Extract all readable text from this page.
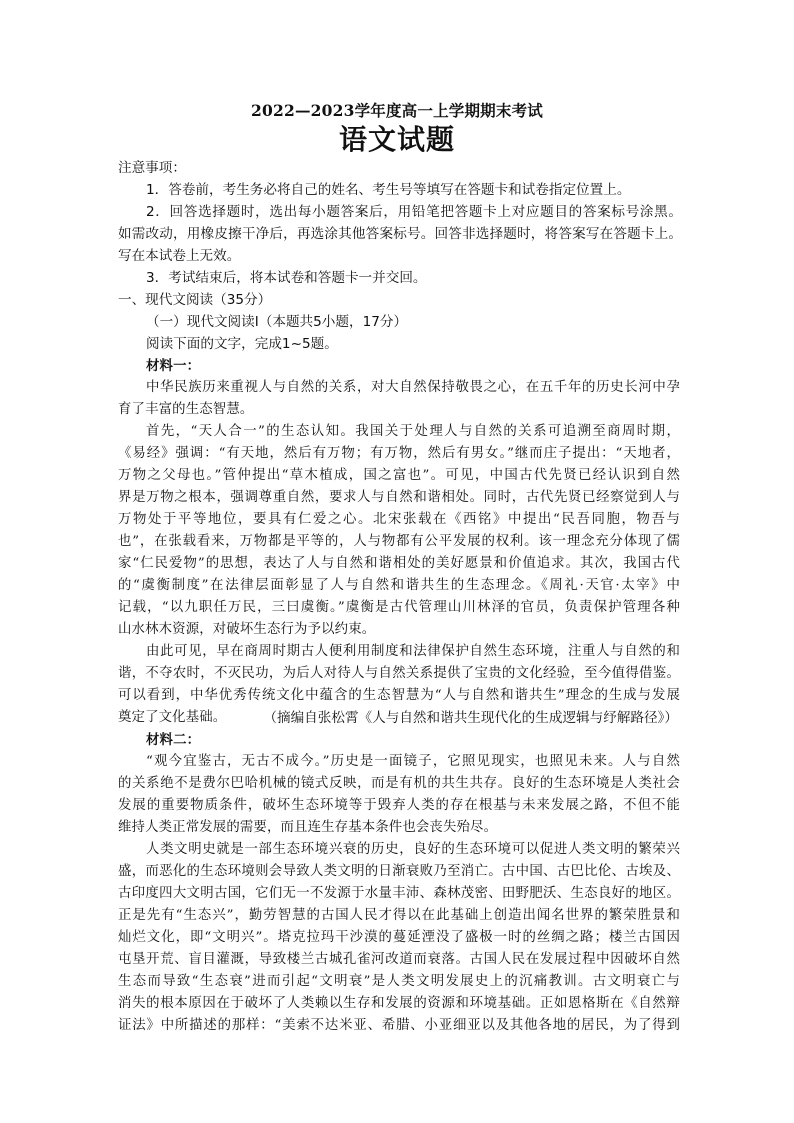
2022—2023学年度高一上学期期末考试
语文试题
注意事项：
1．答卷前，考生务必将自己的姓名、考生号等填写在答题卡和试卷指定位置上。
2．回答选择题时，选出每小题答案后，用铅笔把答题卡上对应题目的答案标号涂黑。
如需改动，用橡皮擦干净后，再选涂其他答案标号。回答非选择题时，将答案写在答题卡上。
写在本试卷上无效。
3．考试结束后，将本试卷和答题卡一并交回。
一、现代文阅读（35分）
（一）现代文阅读Ⅰ（本题共5小题，17分）
阅读下面的文字，完成1~5题。
材料一：
中华民族历来重视人与自然的关系，对大自然保持敬畏之心，在五千年的历史长河中孕
育了丰富的生态智慧。
首先，“天人合一”的生态认知。我国关于处理人与自然的关系可追溯至商周时期，
《易经》强调：“有天地，然后有万物；有万物，然后有男女。”继而庄子提出：“天地者，
万物之父母也。”管仲提出“草木植成，国之富也”。可见，中国古代先贤已经认识到自然
界是万物之根本，强调尊重自然，要求人与自然和谐相处。同时，古代先贤已经察觉到人与
万物处于平等地位，要具有仁爱之心。北宋张载在《西铭》中提出“民吾同胞，物吾与
也”，在张载看来，万物都是平等的，人与物都有公平发展的权利。该一理念充分体现了儒
家“仁民爱物”的思想，表达了人与自然和谐相处的美好愿景和价值追求。其次，我国古代
的“虞衡制度”在法律层面彰显了人与自然和谐共生的生态理念。《周礼·天官·太宰》中
记载，“以九职任万民，三曰虞衡。”虞衡是古代管理山川林泽的官员，负责保护管理各种
山水林木资源，对破坏生态行为予以约束。
由此可见，早在商周时期古人便利用制度和法律保护自然生态环境，注重人与自然的和
谐，不夺农时，不灭民功，为后人对待人与自然关系提供了宝贵的文化经验，至今值得借鉴。
可以看到，中华优秀传统文化中蕴含的生态智慧为“人与自然和谐共生”理念的生成与发展
奠定了文化基础。	（摘编自张松霄《人与自然和谐共生现代化的生成逻辑与纾解路径》）
材料二：
“观今宜鉴古，无古不成今。”历史是一面镜子，它照见现实，也照见未来。人与自然
的关系绝不是费尔巴哈机械的镜式反映，而是有机的共生共存。良好的生态环境是人类社会
发展的重要物质条件，破坏生态环境等于毁弃人类的存在根基与未来发展之路，不但不能
维持人类正常发展的需要，而且连生存基本条件也会丧失殆尽。
人类文明史就是一部生态环境兴衰的历史，良好的生态环境可以促进人类文明的繁荣兴
盛，而恶化的生态环境则会导致人类文明的日渐衰败乃至消亡。古中国、古巴比伦、古埃及、
古印度四大文明古国，它们无一不发源于水量丰沛、森林茂密、田野肥沃、生态良好的地区。
正是先有“生态兴”，勤劳智慧的古国人民才得以在此基础上创造出闻名世界的繁荣胜景和
灿烂文化，即“文明兴”。塔克拉玛干沙漠的蔓延湮没了盛极一时的丝绸之路；楼兰古国因
屯垦开荒、盲目灌溉，导致楼兰古城孔雀河改道而衰落。古国人民在发展过程中因破坏自然
生态而导致“生态衰”进而引起“文明衰”是人类文明发展史上的沉痛教训。古文明衰亡与
消失的根本原因在于破坏了人类赖以生存和发展的资源和环境基础。正如恩格斯在《自然辩
证法》中所描述的那样：“美索不达米亚、希腊、小亚细亚以及其他各地的居民，为了得到
